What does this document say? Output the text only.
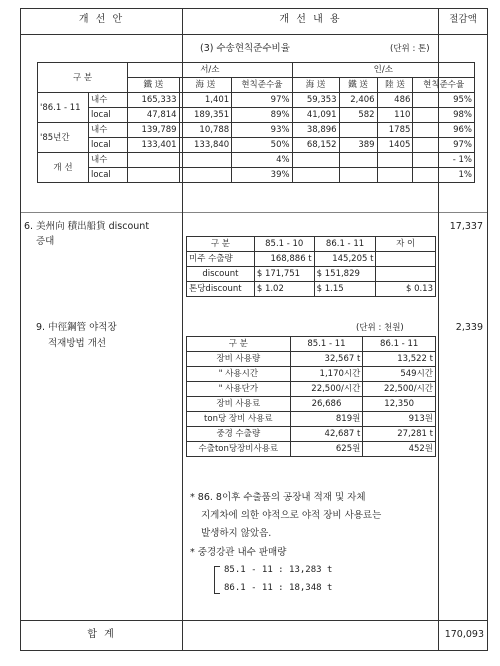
개 선 안	개 선 내 용	절감액
(3) 수송현칙준수비율	(단위 : 톤)
구 분		서/소			인/소			
		鐵 送	海 送	현칙준수율	海 送	鐵 送	陸 送	현칙준수율
'86.1 - 11	내수	165,333	1,401	97%	59,353	2,406	486	95%
	local	47,814	189,351	89%	41,091	582	110	98%
'85년간	내수	139,789	10,788	93%	38,896		1785	96%
	local	133,401	133,840	50%	68,152	389	1405	97%
개 선	내수			4%				- 1%
	local			39%				1%
6. 美州向 積出船貨 discount
증대
17,337
구 분	85.1 - 10	86.1 - 11	자 이
미주 수출량	168,886 t	145,205 t	
discount	$ 171,751	$ 151,829	
톤당discount	$ 1.02	$ 1.15	$ 0.13
9. 中徑鋼管 야적장
적재방법 개선
(단위 : 천원)	2,339
구 분	85.1 - 11	86.1 - 11
장비 사용량	32,567 t	13,522 t
" 사용시간	1,170시간	549시간
" 사용단가	22,500/시간	22,500/시간
장비 사용료	26,686	12,350
ton당 장비 사용료	819원	913원
중경 수출량	42,687 t	27,281 t
수출ton당장비사용료	625원	452원
* 86. 8이후 수출품의 공장내 적재 및 자체
지게차에 의한 야적으로 야적 장비 사용료는
발생하지 않았음.
* 중경강관 내수 판매량
85.1 - 11 : 13,283 t
86.1 - 11 : 18,348 t
합 계	170,093
